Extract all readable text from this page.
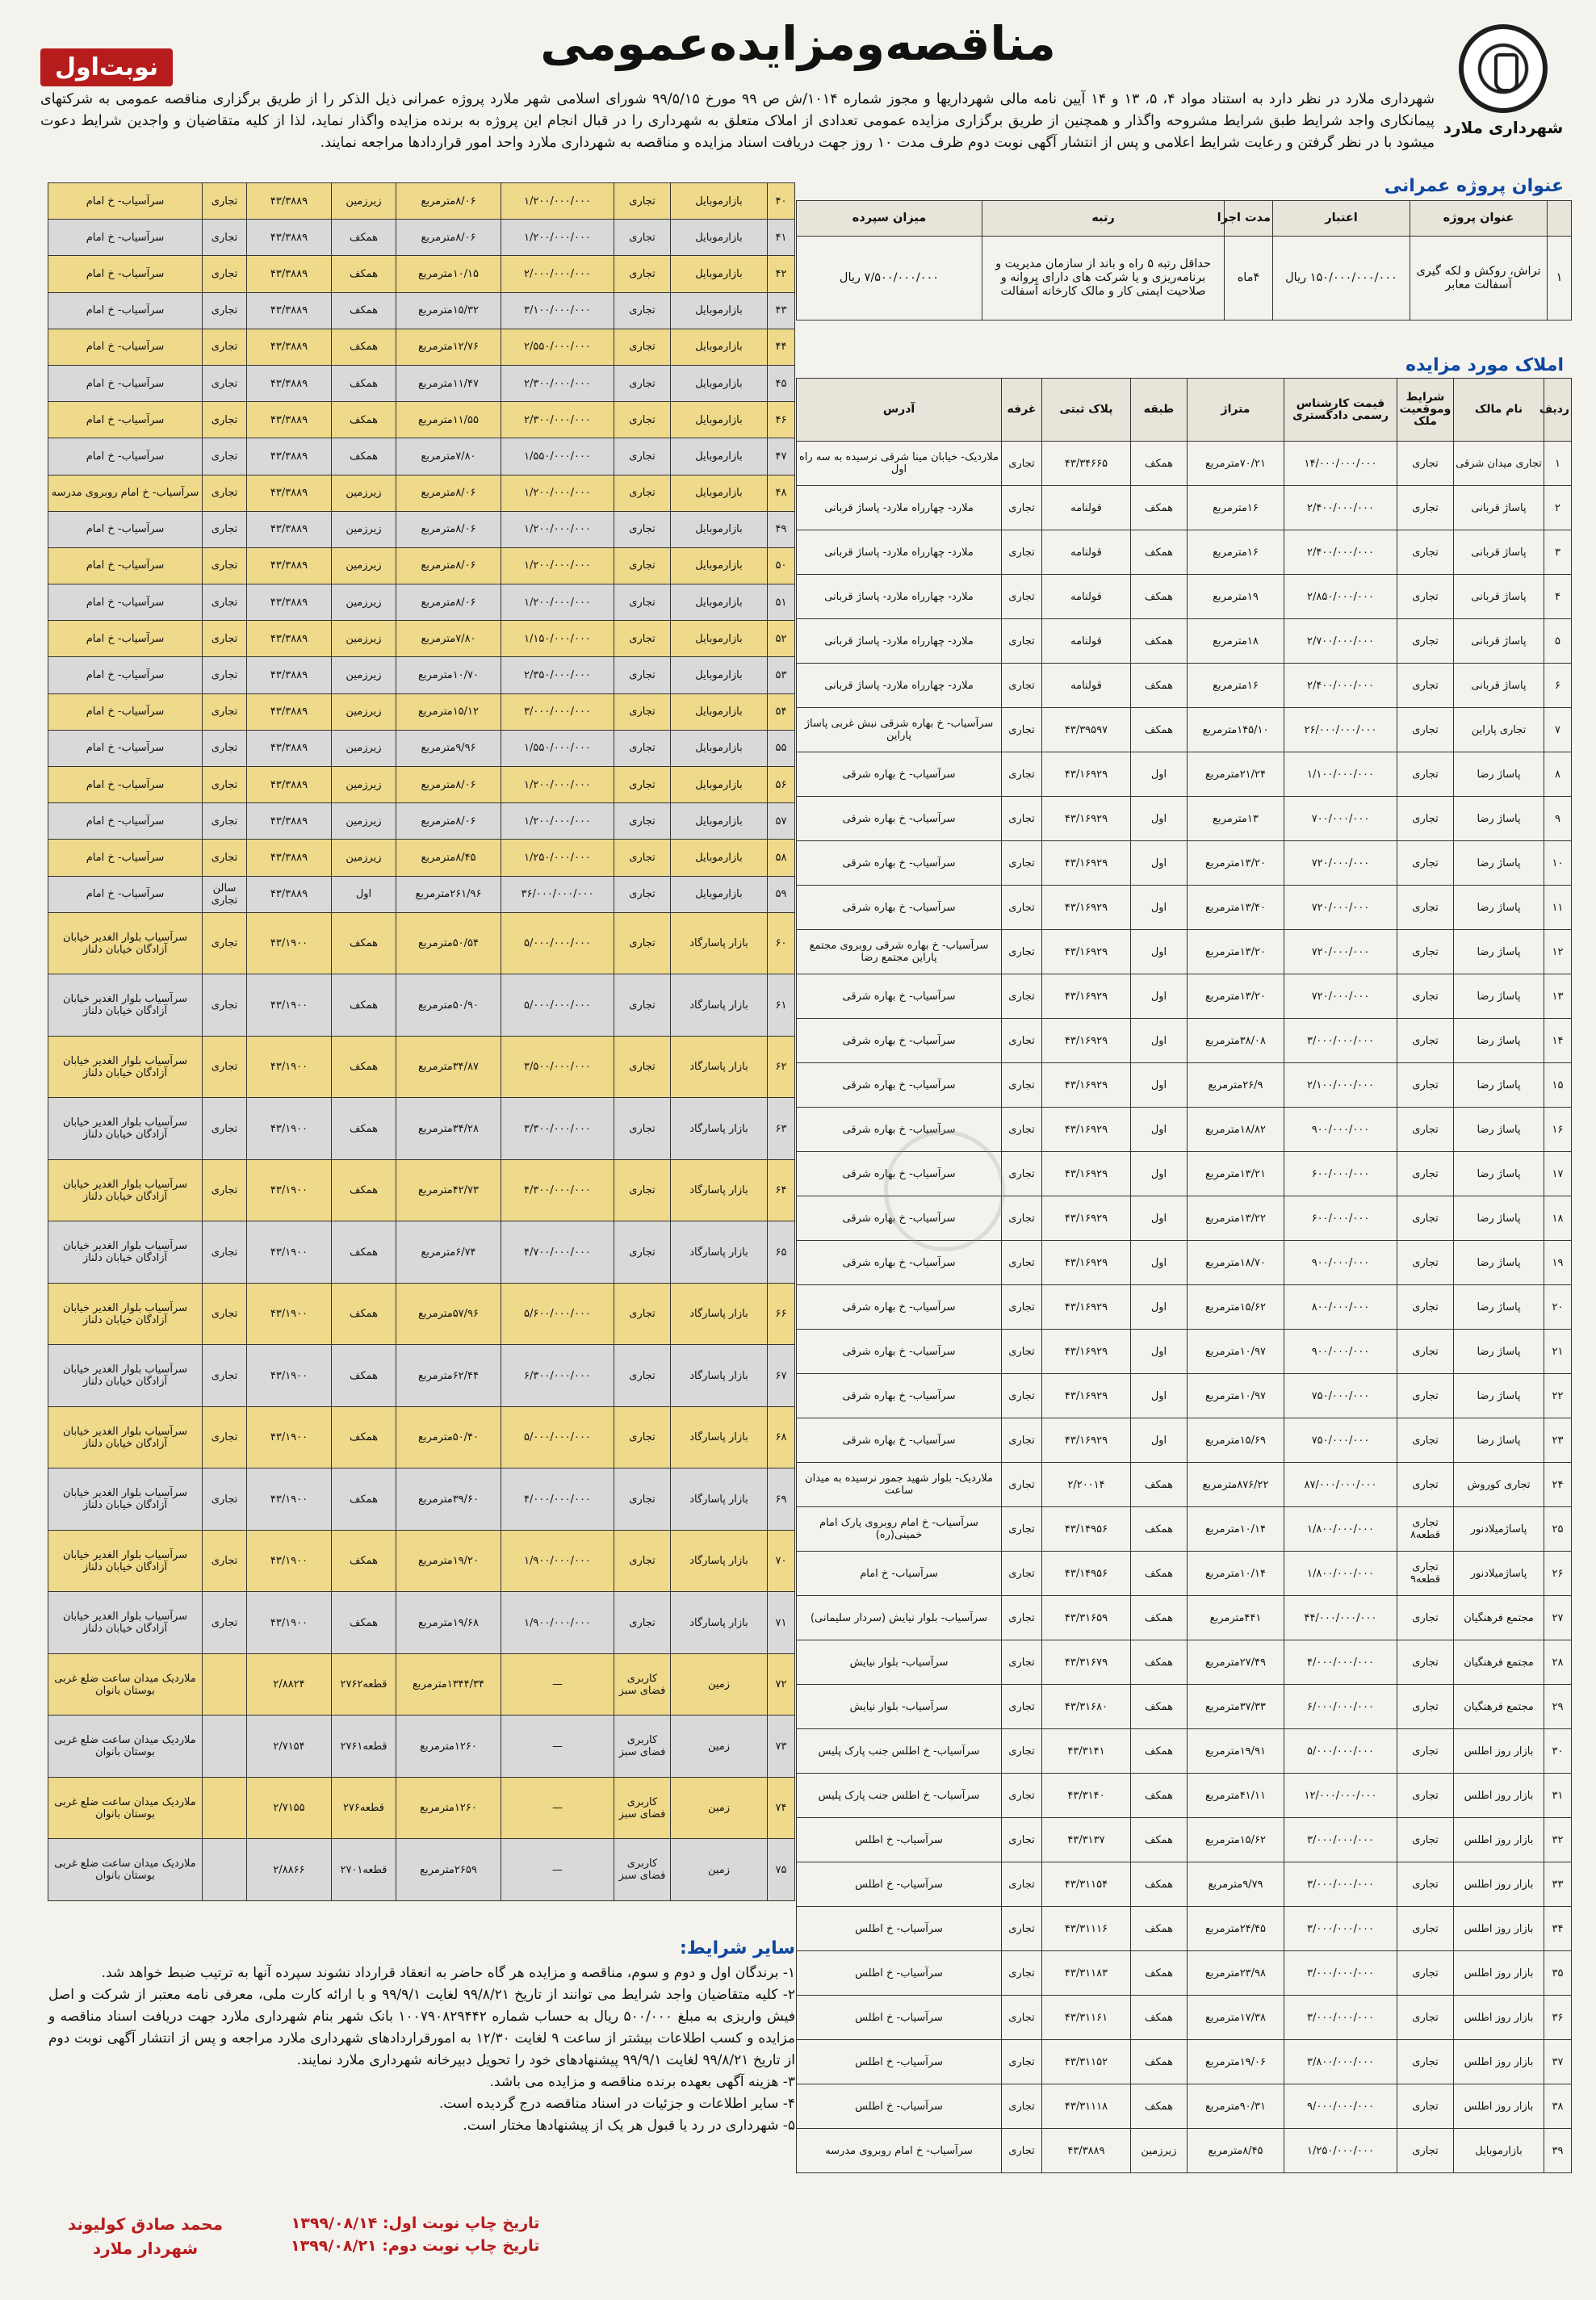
مناقصه‌ومزایده‌عمومی
نوبت‌اول
شهرداری ملارد
شهرداری ملارد در نظر دارد به استناد مواد ۴، ۵، ۱۳ و ۱۴ آیین نامه مالی شهرداریها و مجوز شماره ۱۰۱۴/ش ص ۹۹ مورخ ۹۹/۵/۱۵ شورای اسلامی شهر ملارد پروژه عمرانی ذیل الذکر را از طریق برگزاری مناقصه عمومی به شرکتهای پیمانکاری واجد شرایط طبق شرایط مشروحه واگذار و همچنین از طریق برگزاری مزایده عمومی تعدادی از املاک متعلق به شهرداری را در قبال انجام این پروژه به برنده مزایده واگذار نماید، لذا از کلیه متقاضیان و واجدین شرایط دعوت میشود با در نظر گرفتن و رعایت شرایط اعلامی و پس از انتشار آگهی نوبت دوم ظرف مدت ۱۰ روز جهت دریافت اسناد مزایده و مناقصه به شهرداری ملارد واحد امور قراردادها مراجعه نمایند.
عنوان پروژه عمرانی
	عنوان پروژه	اعتبار	مدت اجرا	رتبه	میزان سپرده
۱	تراش، روکش و لکه گیری آسفالت معابر	۱۵۰/۰۰۰/۰۰۰/۰۰۰ ریال	۴ماه	حداقل رتبه ۵ راه و باند از سازمان مدیریت و برنامه‌ریزی و یا شرکت های دارای پروانه و صلاحیت ایمنی کار و مالک کارخانه آسفالت	۷/۵۰۰/۰۰۰/۰۰۰ ریال
املاک مورد مزایده
ردیف	نام مالک	شرایط وموقعیت ملک	قیمت کارشناس رسمی دادگستری	متراژ	طبقه	پلاک ثبتی	غرفه	آدرس
۱	تجاری میدان شرقی	تجاری	۱۴/۰۰۰/۰۰۰/۰۰۰	۷۰/۲۱مترمربع	همکف	۴۳/۳۴۶۶۵	تجاری	ملاردیک- خیابان مینا شرقی نرسیده به سه راه اول
۲	پاساژ قربانی	تجاری	۲/۴۰۰/۰۰۰/۰۰۰	۱۶مترمربع	همکف	قولنامه	تجاری	ملارد- چهارراه ملارد- پاساژ قربانی
۳	پاساژ قربانی	تجاری	۲/۴۰۰/۰۰۰/۰۰۰	۱۶مترمربع	همکف	قولنامه	تجاری	ملارد- چهارراه ملارد- پاساژ قربانی
۴	پاساژ قربانی	تجاری	۲/۸۵۰/۰۰۰/۰۰۰	۱۹مترمربع	همکف	قولنامه	تجاری	ملارد- چهارراه ملارد- پاساژ قربانی
۵	پاساژ قربانی	تجاری	۲/۷۰۰/۰۰۰/۰۰۰	۱۸مترمربع	همکف	قولنامه	تجاری	ملارد- چهارراه ملارد- پاساژ قربانی
۶	پاساژ قربانی	تجاری	۲/۴۰۰/۰۰۰/۰۰۰	۱۶مترمربع	همکف	قولنامه	تجاری	ملارد- چهارراه ملارد- پاساژ قربانی
۷	تجاری پاراین	تجاری	۲۶/۰۰۰/۰۰۰/۰۰۰	۱۴۵/۱۰مترمربع	همکف	۴۳/۳۹۵۹۷	تجاری	سرآسیاب- خ بهاره شرقی نبش غربی پاساژ پاراین
۸	پاساژ رضا	تجاری	۱/۱۰۰/۰۰۰/۰۰۰	۲۱/۲۴مترمربع	اول	۴۳/۱۶۹۲۹	تجاری	سرآسیاب- خ بهاره شرقی
۹	پاساژ رضا	تجاری	۷۰۰/۰۰۰/۰۰۰	۱۳مترمربع	اول	۴۳/۱۶۹۲۹	تجاری	سرآسیاب- خ بهاره شرقی
۱۰	پاساژ رضا	تجاری	۷۲۰/۰۰۰/۰۰۰	۱۳/۲۰مترمربع	اول	۴۳/۱۶۹۲۹	تجاری	سرآسیاب- خ بهاره شرقی
۱۱	پاساژ رضا	تجاری	۷۲۰/۰۰۰/۰۰۰	۱۳/۴۰مترمربع	اول	۴۳/۱۶۹۲۹	تجاری	سرآسیاب- خ بهاره شرقی
۱۲	پاساژ رضا	تجاری	۷۲۰/۰۰۰/۰۰۰	۱۳/۲۰مترمربع	اول	۴۳/۱۶۹۲۹	تجاری	سرآسیاب- خ بهاره شرقی روبروی مجتمع پاراین مجتمع رضا
۱۳	پاساژ رضا	تجاری	۷۲۰/۰۰۰/۰۰۰	۱۳/۲۰مترمربع	اول	۴۳/۱۶۹۲۹	تجاری	سرآسیاب- خ بهاره شرقی
۱۴	پاساژ رضا	تجاری	۳/۰۰۰/۰۰۰/۰۰۰	۳۸/۰۸مترمربع	اول	۴۳/۱۶۹۲۹	تجاری	سرآسیاب- خ بهاره شرقی
۱۵	پاساژ رضا	تجاری	۲/۱۰۰/۰۰۰/۰۰۰	۲۶/۹مترمربع	اول	۴۳/۱۶۹۲۹	تجاری	سرآسیاب- خ بهاره شرقی
۱۶	پاساژ رضا	تجاری	۹۰۰/۰۰۰/۰۰۰	۱۸/۸۲مترمربع	اول	۴۳/۱۶۹۲۹	تجاری	سرآسیاب- خ بهاره شرقی
۱۷	پاساژ رضا	تجاری	۶۰۰/۰۰۰/۰۰۰	۱۳/۲۱مترمربع	اول	۴۳/۱۶۹۲۹	تجاری	سرآسیاب- خ بهاره شرقی
۱۸	پاساژ رضا	تجاری	۶۰۰/۰۰۰/۰۰۰	۱۳/۲۲مترمربع	اول	۴۳/۱۶۹۲۹	تجاری	سرآسیاب- خ بهاره شرقی
۱۹	پاساژ رضا	تجاری	۹۰۰/۰۰۰/۰۰۰	۱۸/۷۰مترمربع	اول	۴۳/۱۶۹۲۹	تجاری	سرآسیاب- خ بهاره شرقی
۲۰	پاساژ رضا	تجاری	۸۰۰/۰۰۰/۰۰۰	۱۵/۶۲مترمربع	اول	۴۳/۱۶۹۲۹	تجاری	سرآسیاب- خ بهاره شرقی
۲۱	پاساژ رضا	تجاری	۹۰۰/۰۰۰/۰۰۰	۱۰/۹۷مترمربع	اول	۴۳/۱۶۹۲۹	تجاری	سرآسیاب- خ بهاره شرقی
۲۲	پاساژ رضا	تجاری	۷۵۰/۰۰۰/۰۰۰	۱۰/۹۷مترمربع	اول	۴۳/۱۶۹۲۹	تجاری	سرآسیاب- خ بهاره شرقی
۲۳	پاساژ رضا	تجاری	۷۵۰/۰۰۰/۰۰۰	۱۵/۶۹مترمربع	اول	۴۳/۱۶۹۲۹	تجاری	سرآسیاب- خ بهاره شرقی
۲۴	تجاری کوروش	تجاری	۸۷/۰۰۰/۰۰۰/۰۰۰	۸۷۶/۲۲مترمربع	همکف	۲/۲۰۰۱۴	تجاری	ملاردیک- بلوار شهید جمور نرسیده به میدان ساعت
۲۵	پاساژمیلادنور	تجاری قطعه۸	۱/۸۰۰/۰۰۰/۰۰۰	۱۰/۱۴مترمربع	همکف	۴۳/۱۴۹۵۶	تجاری	سرآسیاب- خ امام روبروی پارک امام خمینی(ره)
۲۶	پاساژمیلادنور	تجاری قطعه۹	۱/۸۰۰/۰۰۰/۰۰۰	۱۰/۱۴مترمربع	همکف	۴۳/۱۴۹۵۶	تجاری	سرآسیاب- خ امام
۲۷	مجتمع فرهنگیان	تجاری	۴۴/۰۰۰/۰۰۰/۰۰۰	۴۴۱مترمربع	همکف	۴۳/۳۱۶۵۹	تجاری	سرآسیاب- بلوار نیایش (سردار سلیمانی)
۲۸	مجتمع فرهنگیان	تجاری	۴/۰۰۰/۰۰۰/۰۰۰	۲۷/۴۹مترمربع	همکف	۴۳/۳۱۶۷۹	تجاری	سرآسیاب- بلوار نیایش
۲۹	مجتمع فرهنگیان	تجاری	۶/۰۰۰/۰۰۰/۰۰۰	۳۷/۳۳مترمربع	همکف	۴۳/۳۱۶۸۰	تجاری	سرآسیاب- بلوار نیایش
۳۰	بازار روز اطلس	تجاری	۵/۰۰۰/۰۰۰/۰۰۰	۱۹/۹۱مترمربع	همکف	۴۳/۳۱۴۱	تجاری	سرآسیاب- خ اطلس جنب پارک پلیس
۳۱	بازار روز اطلس	تجاری	۱۲/۰۰۰/۰۰۰/۰۰۰	۴۱/۱۱مترمربع	همکف	۴۳/۳۱۴۰	تجاری	سرآسیاب- خ اطلس جنب پارک پلیس
۳۲	بازار روز اطلس	تجاری	۳/۰۰۰/۰۰۰/۰۰۰	۱۵/۶۲مترمربع	همکف	۴۳/۳۱۳۷	تجاری	سرآسیاب- خ اطلس
۳۳	بازار روز اطلس	تجاری	۳/۰۰۰/۰۰۰/۰۰۰	۹/۷۹مترمربع	همکف	۴۳/۳۱۱۵۴	تجاری	سرآسیاب- خ اطلس
۳۴	بازار روز اطلس	تجاری	۳/۰۰۰/۰۰۰/۰۰۰	۲۴/۴۵مترمربع	همکف	۴۳/۳۱۱۱۶	تجاری	سرآسیاب- خ اطلس
۳۵	بازار روز اطلس	تجاری	۳/۰۰۰/۰۰۰/۰۰۰	۲۳/۹۸مترمربع	همکف	۴۳/۳۱۱۸۳	تجاری	سرآسیاب- خ اطلس
۳۶	بازار روز اطلس	تجاری	۳/۰۰۰/۰۰۰/۰۰۰	۱۷/۳۸مترمربع	همکف	۴۳/۳۱۱۶۱	تجاری	سرآسیاب- خ اطلس
۳۷	بازار روز اطلس	تجاری	۳/۸۰۰/۰۰۰/۰۰۰	۱۹/۰۶مترمربع	همکف	۴۳/۳۱۱۵۲	تجاری	سرآسیاب- خ اطلس
۳۸	بازار روز اطلس	تجاری	۹/۰۰۰/۰۰۰/۰۰۰	۹۰/۳۱مترمربع	همکف	۴۳/۳۱۱۱۸	تجاری	سرآسیاب- خ اطلس
۳۹	بازارموبایل	تجاری	۱/۲۵۰/۰۰۰/۰۰۰	۸/۴۵مترمربع	زیرزمین	۴۳/۳۸۸۹	تجاری	سرآسیاب- خ امام روبروی مدرسه
۴۰	بازارموبایل	تجاری	۱/۲۰۰/۰۰۰/۰۰۰	۸/۰۶مترمربع	زیرزمین	۴۳/۳۸۸۹	تجاری	سرآسیاب- خ امام
۴۱	بازارموبایل	تجاری	۱/۲۰۰/۰۰۰/۰۰۰	۸/۰۶مترمربع	همکف	۴۳/۳۸۸۹	تجاری	سرآسیاب- خ امام
۴۲	بازارموبایل	تجاری	۲/۰۰۰/۰۰۰/۰۰۰	۱۰/۱۵مترمربع	همکف	۴۳/۳۸۸۹	تجاری	سرآسیاب- خ امام
۴۳	بازارموبایل	تجاری	۳/۱۰۰/۰۰۰/۰۰۰	۱۵/۳۲مترمربع	همکف	۴۳/۳۸۸۹	تجاری	سرآسیاب- خ امام
۴۴	بازارموبایل	تجاری	۲/۵۵۰/۰۰۰/۰۰۰	۱۲/۷۶مترمربع	همکف	۴۳/۳۸۸۹	تجاری	سرآسیاب- خ امام
۴۵	بازارموبایل	تجاری	۲/۳۰۰/۰۰۰/۰۰۰	۱۱/۴۷مترمربع	همکف	۴۳/۳۸۸۹	تجاری	سرآسیاب- خ امام
۴۶	بازارموبایل	تجاری	۲/۳۰۰/۰۰۰/۰۰۰	۱۱/۵۵مترمربع	همکف	۴۳/۳۸۸۹	تجاری	سرآسیاب- خ امام
۴۷	بازارموبایل	تجاری	۱/۵۵۰/۰۰۰/۰۰۰	۷/۸۰مترمربع	همکف	۴۳/۳۸۸۹	تجاری	سرآسیاب- خ امام
۴۸	بازارموبایل	تجاری	۱/۲۰۰/۰۰۰/۰۰۰	۸/۰۶مترمربع	زیرزمین	۴۳/۳۸۸۹	تجاری	سرآسیاب- خ امام روبروی مدرسه
۴۹	بازارموبایل	تجاری	۱/۲۰۰/۰۰۰/۰۰۰	۸/۰۶مترمربع	زیرزمین	۴۳/۳۸۸۹	تجاری	سرآسیاب- خ امام
۵۰	بازارموبایل	تجاری	۱/۲۰۰/۰۰۰/۰۰۰	۸/۰۶مترمربع	زیرزمین	۴۳/۳۸۸۹	تجاری	سرآسیاب- خ امام
۵۱	بازارموبایل	تجاری	۱/۲۰۰/۰۰۰/۰۰۰	۸/۰۶مترمربع	زیرزمین	۴۳/۳۸۸۹	تجاری	سرآسیاب- خ امام
۵۲	بازارموبایل	تجاری	۱/۱۵۰/۰۰۰/۰۰۰	۷/۸۰مترمربع	زیرزمین	۴۳/۳۸۸۹	تجاری	سرآسیاب- خ امام
۵۳	بازارموبایل	تجاری	۲/۳۵۰/۰۰۰/۰۰۰	۱۰/۷۰مترمربع	زیرزمین	۴۳/۳۸۸۹	تجاری	سرآسیاب- خ امام
۵۴	بازارموبایل	تجاری	۳/۰۰۰/۰۰۰/۰۰۰	۱۵/۱۲مترمربع	زیرزمین	۴۳/۳۸۸۹	تجاری	سرآسیاب- خ امام
۵۵	بازارموبایل	تجاری	۱/۵۵۰/۰۰۰/۰۰۰	۹/۹۶مترمربع	زیرزمین	۴۳/۳۸۸۹	تجاری	سرآسیاب- خ امام
۵۶	بازارموبایل	تجاری	۱/۲۰۰/۰۰۰/۰۰۰	۸/۰۶مترمربع	زیرزمین	۴۳/۳۸۸۹	تجاری	سرآسیاب- خ امام
۵۷	بازارموبایل	تجاری	۱/۲۰۰/۰۰۰/۰۰۰	۸/۰۶مترمربع	زیرزمین	۴۳/۳۸۸۹	تجاری	سرآسیاب- خ امام
۵۸	بازارموبایل	تجاری	۱/۲۵۰/۰۰۰/۰۰۰	۸/۴۵مترمربع	زیرزمین	۴۳/۳۸۸۹	تجاری	سرآسیاب- خ امام
۵۹	بازارموبایل	تجاری	۳۶/۰۰۰/۰۰۰/۰۰۰	۲۶۱/۹۶مترمربع	اول	۴۳/۳۸۸۹	سالن تجاری	سرآسیاب- خ امام
۶۰	بازار پاسارگاد	تجاری	۵/۰۰۰/۰۰۰/۰۰۰	۵۰/۵۴مترمربع	همکف	۴۳/۱۹۰۰	تجاری	سرآسیاب بلوار الغدیر خیابان آزادگان خیابان دلناز
۶۱	بازار پاسارگاد	تجاری	۵/۰۰۰/۰۰۰/۰۰۰	۵۰/۹۰مترمربع	همکف	۴۳/۱۹۰۰	تجاری	سرآسیاب بلوار الغدیر خیابان آزادگان خیابان دلناز
۶۲	بازار پاسارگاد	تجاری	۳/۵۰۰/۰۰۰/۰۰۰	۳۴/۸۷مترمربع	همکف	۴۳/۱۹۰۰	تجاری	سرآسیاب بلوار الغدیر خیابان آزادگان خیابان دلناز
۶۳	بازار پاسارگاد	تجاری	۳/۳۰۰/۰۰۰/۰۰۰	۳۴/۲۸مترمربع	همکف	۴۳/۱۹۰۰	تجاری	سرآسیاب بلوار الغدیر خیابان آزادگان خیابان دلناز
۶۴	بازار پاسارگاد	تجاری	۴/۳۰۰/۰۰۰/۰۰۰	۴۲/۷۳مترمربع	همکف	۴۳/۱۹۰۰	تجاری	سرآسیاب بلوار الغدیر خیابان آزادگان خیابان دلناز
۶۵	بازار پاسارگاد	تجاری	۴/۷۰۰/۰۰۰/۰۰۰	۶/۷۴مترمربع	همکف	۴۳/۱۹۰۰	تجاری	سرآسیاب بلوار الغدیر خیابان آزادگان خیابان دلناز
۶۶	بازار پاسارگاد	تجاری	۵/۶۰۰/۰۰۰/۰۰۰	۵۷/۹۶مترمربع	همکف	۴۳/۱۹۰۰	تجاری	سرآسیاب بلوار الغدیر خیابان آزادگان خیابان دلناز
۶۷	بازار پاسارگاد	تجاری	۶/۳۰۰/۰۰۰/۰۰۰	۶۲/۴۴مترمربع	همکف	۴۳/۱۹۰۰	تجاری	سرآسیاب بلوار الغدیر خیابان آزادگان خیابان دلناز
۶۸	بازار پاسارگاد	تجاری	۵/۰۰۰/۰۰۰/۰۰۰	۵۰/۴۰مترمربع	همکف	۴۳/۱۹۰۰	تجاری	سرآسیاب بلوار الغدیر خیابان آزادگان خیابان دلناز
۶۹	بازار پاسارگاد	تجاری	۴/۰۰۰/۰۰۰/۰۰۰	۳۹/۶۰مترمربع	همکف	۴۳/۱۹۰۰	تجاری	سرآسیاب بلوار الغدیر خیابان آزادگان خیابان دلناز
۷۰	بازار پاسارگاد	تجاری	۱/۹۰۰/۰۰۰/۰۰۰	۱۹/۲۰مترمربع	همکف	۴۳/۱۹۰۰	تجاری	سرآسیاب بلوار الغدیر خیابان آزادگان خیابان دلناز
۷۱	بازار پاسارگاد	تجاری	۱/۹۰۰/۰۰۰/۰۰۰	۱۹/۶۸مترمربع	همکف	۴۳/۱۹۰۰	تجاری	سرآسیاب بلوار الغدیر خیابان آزادگان خیابان دلناز
۷۲	زمین	کاربری فضای سبز	—	۱۳۴۴/۳۴مترمربع	قطعه۲۷۶۲	۲/۸۸۲۴		ملاردیک میدان ساعت ضلع غربی بوستان بانوان
۷۳	زمین	کاربری فضای سبز	—	۱۲۶۰مترمربع	قطعه۲۷۶۱	۲/۷۱۵۴		ملاردیک میدان ساعت ضلع غربی بوستان بانوان
۷۴	زمین	کاربری فضای سبز	—	۱۲۶۰مترمربع	قطعه۲۷۶	۲/۷۱۵۵		ملاردیک میدان ساعت ضلع غربی بوستان بانوان
۷۵	زمین	کاربری فضای سبز	—	۲۶۵۹مترمربع	قطعه۲۷۰۱	۲/۸۸۶۶		ملاردیک میدان ساعت ضلع غربی بوستان بانوان
سایر شرایط:
۱- برندگان اول و دوم و سوم، مناقصه و مزایده هر گاه حاضر به انعقاد قرارداد نشوند سپرده آنها به ترتیب ضبط خواهد شد.
۲- کلیه متقاضیان واجد شرایط می توانند از تاریخ ۹۹/۸/۲۱ لغایت ۹۹/۹/۱ و با ارائه کارت ملی، معرفی نامه معتبر از شرکت و اصل فیش واریزی به مبلغ ۵۰۰/۰۰۰ ریال به حساب شماره ۱۰۰۷۹۰۸۲۹۴۴۲ بانک شهر بنام شهرداری ملارد جهت دریافت اسناد مناقصه و مزایده و کسب اطلاعات بیشتر از ساعت ۹ لغایت ۱۲/۳۰ به امورقراردادهای شهرداری ملارد مراجعه و پس از انتشار آگهی نوبت دوم از تاریخ ۹۹/۸/۲۱ لغایت ۹۹/۹/۱ پیشنهادهای خود را تحویل دبیرخانه شهرداری ملارد نمایند.
۳- هزینه آگهی بعهده برنده مناقصه و مزایده می باشد.
۴- سایر اطلاعات و جزئیات در اسناد مناقصه درج گردیده است.
۵- شهرداری در رد یا قبول هر یک از پیشنهادها مختار است.
تاریخ چاپ نوبت اول: ۱۳۹۹/۰۸/۱۴
تاریخ چاپ نوبت دوم: ۱۳۹۹/۰۸/۲۱
محمد صادق کولیوند
شهردار ملارد
